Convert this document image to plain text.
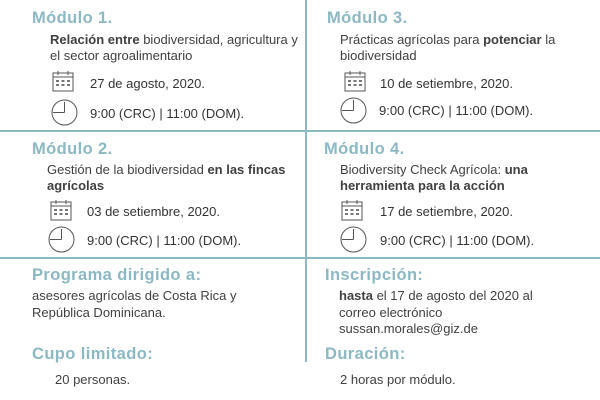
Módulo 1.
Relación entre biodiversidad, agricultura y el sector agroalimentario
27 de agosto, 2020.
9:00 (CRC) | 11:00 (DOM).
Módulo 3.
Prácticas agrícolas para potenciar la biodiversidad
10 de setiembre, 2020.
9:00 (CRC) | 11:00 (DOM).
Módulo 2.
Gestión de la biodiversidad en las fincas agrícolas
03 de setiembre, 2020.
9:00 (CRC) | 11:00 (DOM).
Módulo 4.
Biodiversity Check Agrícola: una herramienta para la acción
17 de setiembre, 2020.
9:00 (CRC) | 11:00 (DOM).
Programa dirigido a:
asesores agrícolas de Costa Rica y República Dominicana.
Cupo limitado:
20 personas.
Inscripción:
hasta el 17 de agosto del 2020 al correo electrónico sussan.morales@giz.de
Duración:
2 horas por módulo.
